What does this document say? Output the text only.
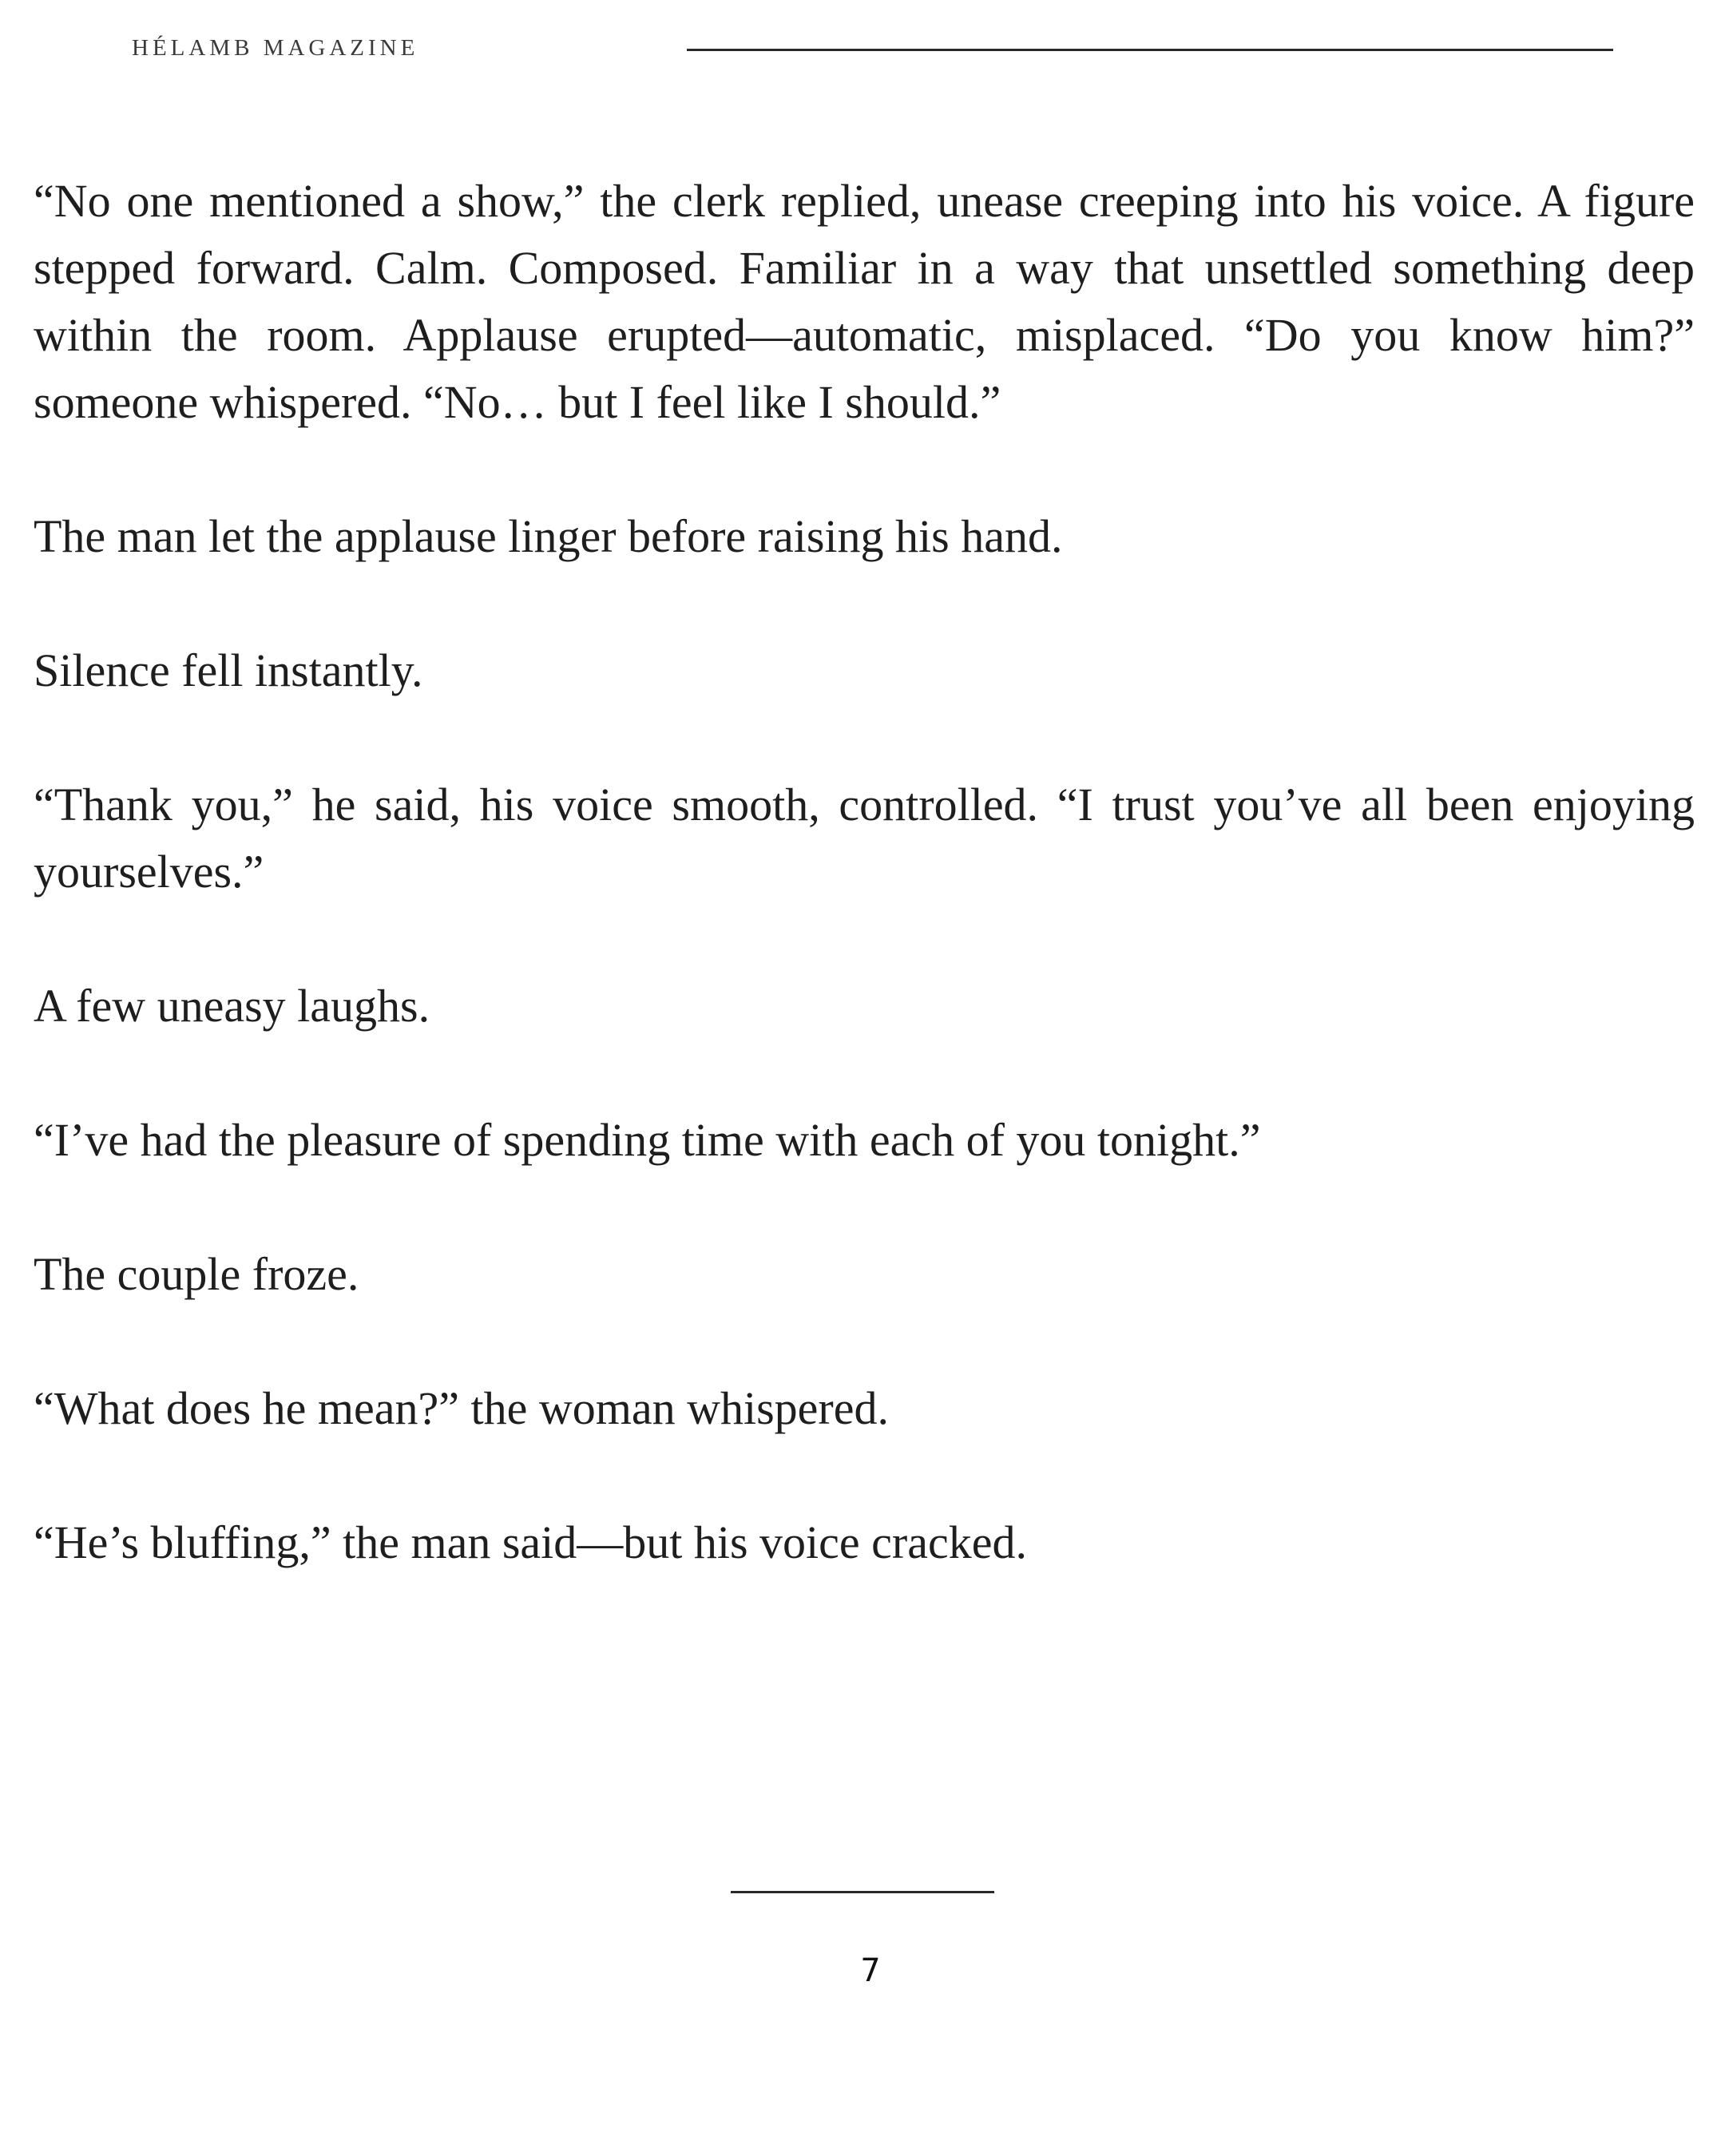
HÉLAMB MAGAZINE

“No one mentioned a show,” the clerk replied, unease creeping into his voice. A figure stepped forward. Calm. Composed. Familiar in a way that unsettled something deep within the room. Applause erupted—automatic, misplaced. “Do you know him?” someone whispered. “No… but I feel like I should.”

The man let the applause linger before raising his hand.

Silence fell instantly.

“Thank you,” he said, his voice smooth, controlled. “I trust you’ve all been enjoying yourselves.”

A few uneasy laughs.

“I’ve had the pleasure of spending time with each of you tonight.”

The couple froze.

“What does he mean?” the woman whispered.

“He’s bluffing,” the man said—but his voice cracked.

7
